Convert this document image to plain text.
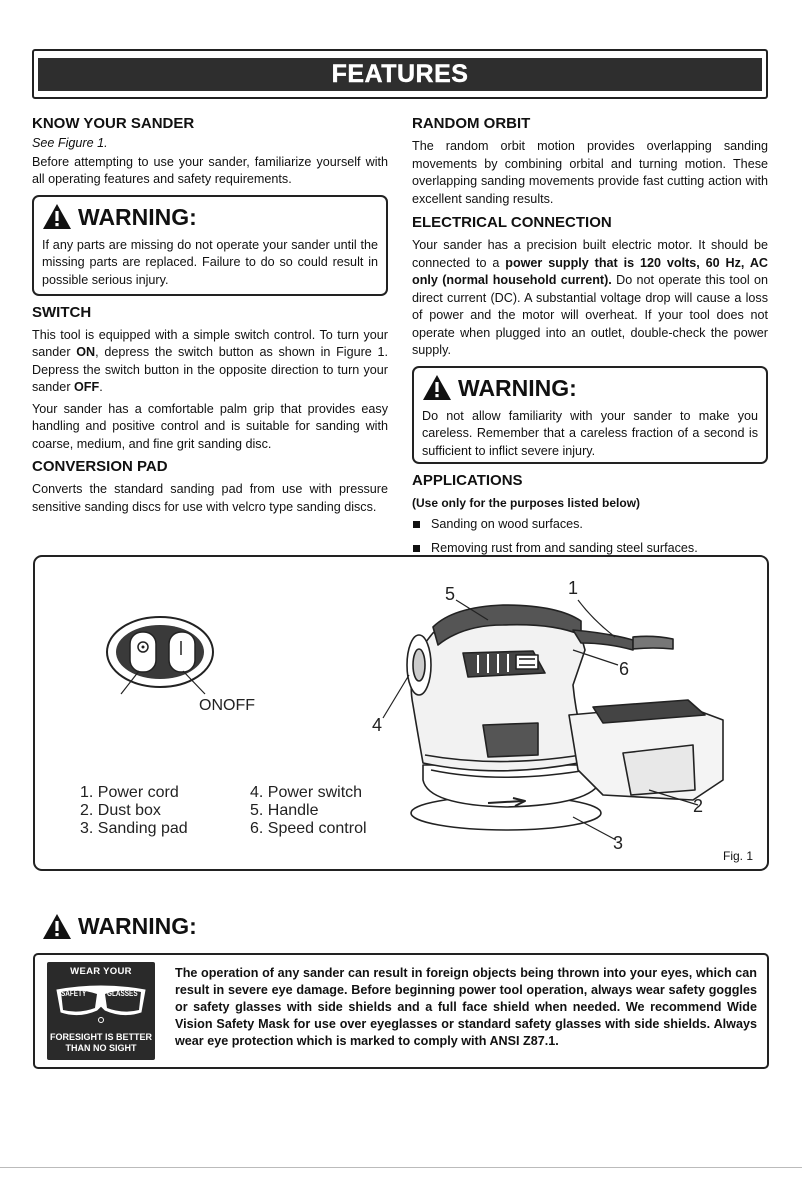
FEATURES
KNOW YOUR SANDER

See Figure 1.

Before attempting to use your sander, familiarize yourself with all operating features and safety requirements.

WARNING:

If any parts are missing do not operate your sander until the missing parts are replaced. Failure to do so could result in possible serious injury.

SWITCH

This tool is equipped with a simple switch control. To turn your sander ON, depress the switch button as shown in Figure 1. Depress the switch button in the opposite direction to turn your sander OFF.

Your sander has a comfortable palm grip that provides easy handling and positive control and is suitable for sanding with coarse, medium, and fine grit sanding disc.

CONVERSION PAD

Converts the standard sanding pad from use with pressure sensitive sanding discs for use with velcro type sanding discs.

RANDOM ORBIT

The random orbit motion provides overlapping sanding movements by combining orbital and turning motion. These overlapping sanding movements provide fast cutting action with excellent sanding results.

ELECTRICAL CONNECTION

Your sander has a precision built electric motor. It should be connected to a power supply that is 120 volts, 60 Hz, AC only (normal household current). Do not operate this tool on direct current (DC). A substantial voltage drop will cause a loss of power and the motor will overheat. If your tool does not operate when plugged into an outlet, double-check the power supply.

WARNING:

Do not allow familiarity with your sander to make you careless. Remember that a careless fraction of a second is sufficient to inflict severe injury.

APPLICATIONS

(Use only for the purposes listed below)

Sanding on wood surfaces.
Removing rust from and sanding steel surfaces.
ONOFF
1
2
3
4
5
6
1. Power cord
2. Dust box
3. Sanding pad
4. Power switch
5. Handle
6. Speed control
Fig. 1
WARNING:
WEAR YOUR
SAFETY	GLASSES
FORESIGHT IS BETTER
THAN NO SIGHT
The operation of any sander can result in foreign objects being thrown into your eyes, which can result in severe eye damage. Before beginning power tool operation, always wear safety goggles or safety glasses with side shields and a full face shield when needed. We recommend Wide Vision Safety Mask for use over eyeglasses or standard safety glasses with side shields. Always wear eye protection which is marked to comply with ANSI Z87.1.
